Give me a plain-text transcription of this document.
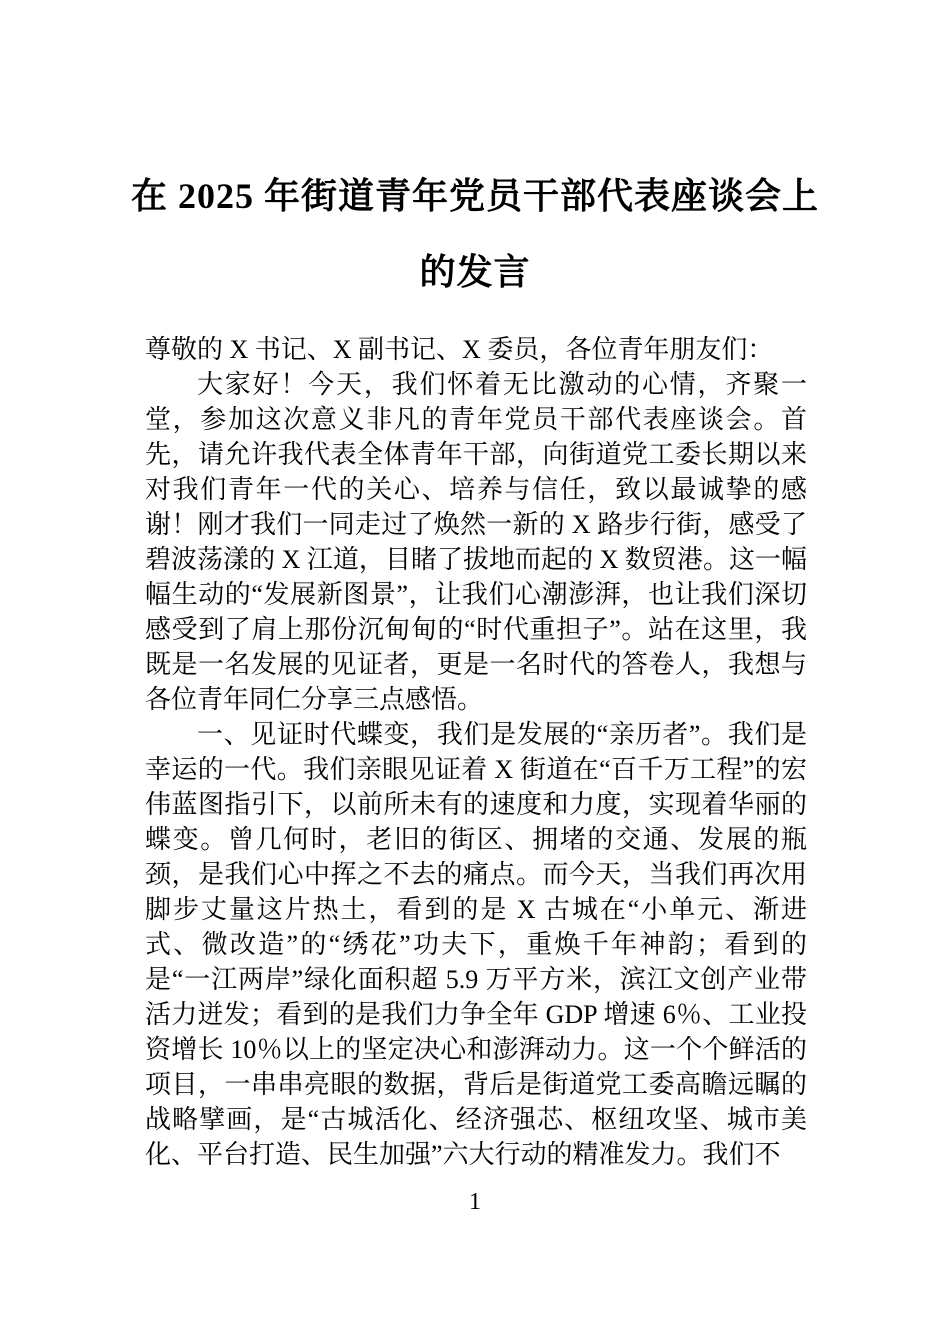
在 2025 年街道青年党员干部代表座谈会上
的发言

尊敬的 X 书记、X 副书记、X 委员，各位青年朋友们：

大家好！今天，我们怀着无比激动的心情，齐聚一堂，参加这次意义非凡的青年党员干部代表座谈会。首先，请允许我代表全体青年干部，向街道党工委长期以来对我们青年一代的关心、培养与信任，致以最诚挚的感谢！刚才我们一同走过了焕然一新的 X 路步行街，感受了碧波荡漾的 X 江道，目睹了拔地而起的 X 数贸港。这一幅幅生动的“发展新图景”，让我们心潮澎湃，也让我们深切感受到了肩上那份沉甸甸的“时代重担子”。站在这里，我既是一名发展的见证者，更是一名时代的答卷人，我想与各位青年同仁分享三点感悟。

一、见证时代蝶变，我们是发展的“亲历者”。我们是幸运的一代。我们亲眼见证着 X 街道在“百千万工程”的宏伟蓝图指引下，以前所未有的速度和力度，实现着华丽的蝶变。曾几何时，老旧的街区、拥堵的交通、发展的瓶颈，是我们心中挥之不去的痛点。而今天，当我们再次用脚步丈量这片热土，看到的是 X 古城在“小单元、渐进式、微改造”的“绣花”功夫下，重焕千年神韵；看到的是“一江两岸”绿化面积超 5.9 万平方米，滨江文创产业带活力迸发；看到的是我们力争全年 GDP 增速 6％、工业投资增长 10％以上的坚定决心和澎湃动力。这一个个鲜活的项目，一串串亮眼的数据，背后是街道党工委高瞻远瞩的战略擘画，是“古城活化、经济强芯、枢纽攻坚、城市美化、平台打造、民生加强”六大行动的精准发力。我们不

1
